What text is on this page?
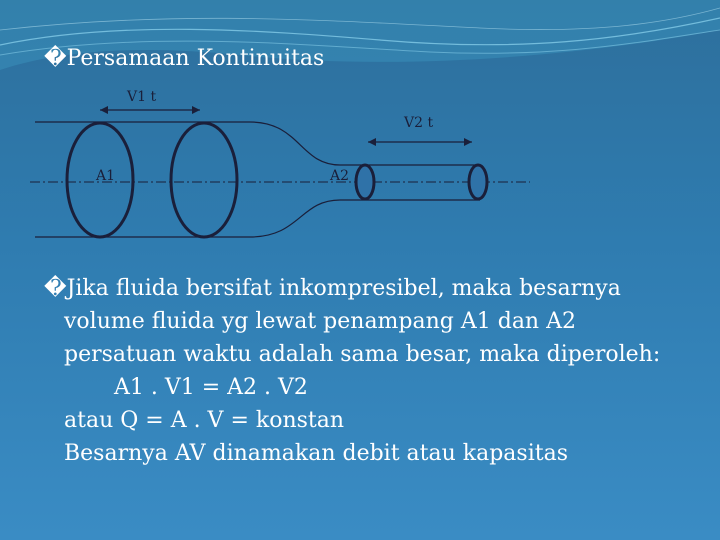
�Persamaan Kontinuitas
V1 t
V2 t
A1	A2
�Jika fluida bersifat inkompresibel, maka besarnya
volume fluida yg lewat penampang A1 dan A2
persatuan waktu adalah sama besar, maka diperoleh:
A1 . V1 = A2 . V2
atau Q = A . V = konstan
Besarnya AV dinamakan debit atau kapasitas
